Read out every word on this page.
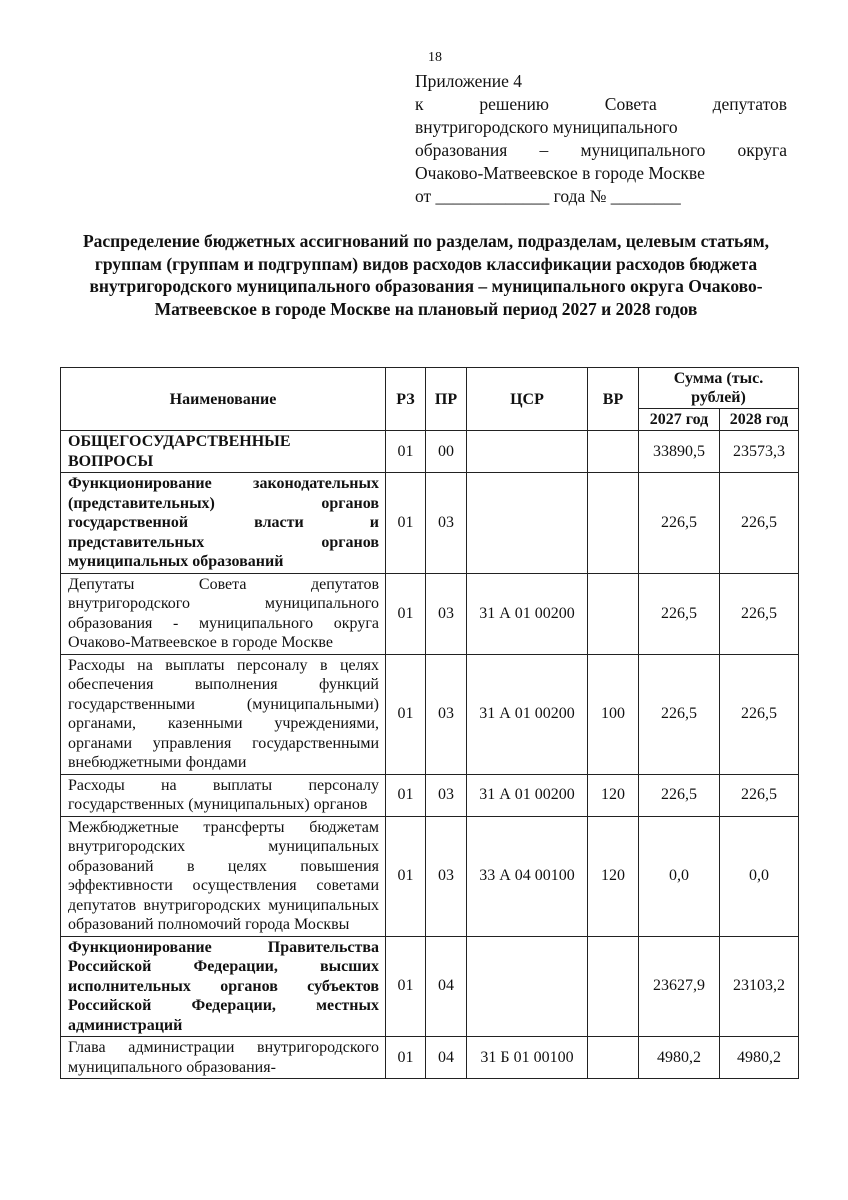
18
Приложение 4
к решению Совета депутатов
внутригородского муниципального
образования – муниципального округа
Очаково-Матвеевское в городе Москве
от _____________ года № ________
Распределение бюджетных ассигнований по разделам, подразделам, целевым статьям, группам (группам и подгруппам) видов расходов классификации расходов бюджета внутригородского муниципального образования – муниципального округа Очаково-Матвеевское в городе Москве на плановый период 2027 и 2028 годов
Наименование	РЗ	ПР	ЦСР	ВР	Сумма (тыс. рублей)	
					2027 год	2028 год
ОБЩЕГОСУДАРСТВЕННЫЕ ВОПРОСЫ	01	00			33890,5	23573,3
Функционирование законодательных (представительных) органов государственной власти и представительных органов муниципальных образований	01	03			226,5	226,5
Депутаты Совета депутатов внутригородского муниципального образования - муниципального округа Очаково-Матвеевское в городе Москве	01	03	31 А 01 00200		226,5	226,5
Расходы на выплаты персоналу в целях обеспечения выполнения функций государственными (муниципальными) органами, казенными учреждениями, органами управления государственными внебюджетными фондами	01	03	31 А 01 00200	100	226,5	226,5
Расходы на выплаты персоналу государственных (муниципальных) органов	01	03	31 А 01 00200	120	226,5	226,5
Межбюджетные трансферты бюджетам внутригородских муниципальных образований в целях повышения эффективности осуществления советами депутатов внутригородских муниципальных образований полномочий города Москвы	01	03	33 А 04 00100	120	0,0	0,0
Функционирование Правительства Российской Федерации, высших исполнительных органов субъектов Российской Федерации, местных администраций	01	04			23627,9	23103,2
Глава администрации внутригородского муниципального образования-	01	04	31 Б 01 00100		4980,2	4980,2
